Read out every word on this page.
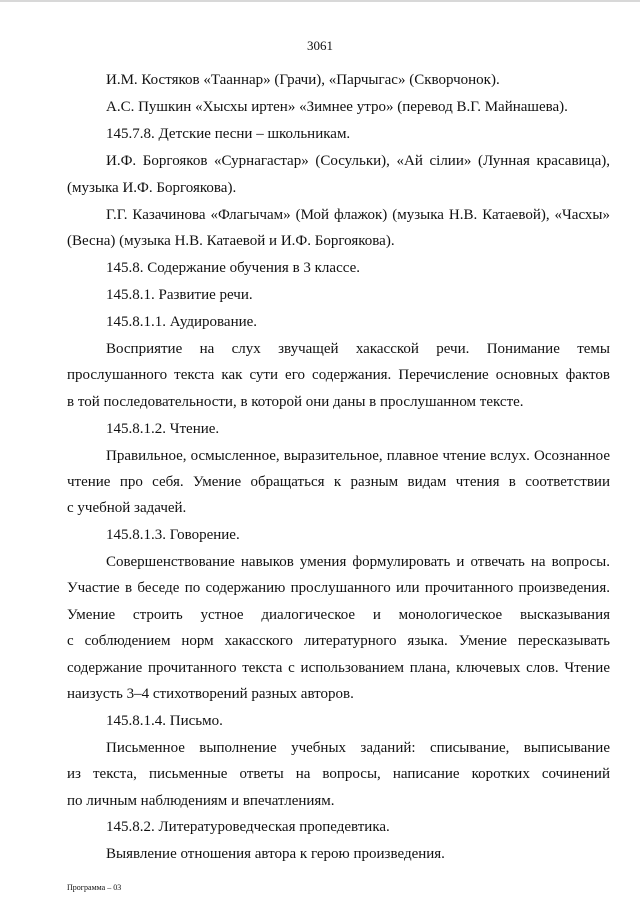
3061
И.М. Костяков «Тааннар» (Грачи), «Парчыгас» (Скворчонок).
А.С. Пушкин «Хысхы иртен» «Зимнее утро» (перевод В.Г. Майнашева).
145.7.8. Детские песни – школьникам.
И.Ф. Боргояков «Сурнагастар» (Сосульки), «Ай сiлии» (Лунная красавица),
(музыка И.Ф. Боргоякова).
Г.Г. Казачинова «Флагычам» (Мой флажок) (музыка Н.В. Катаевой), «Часхы»
(Весна) (музыка Н.В. Катаевой и И.Ф. Боргоякова).
145.8. Содержание обучения в 3 классе.
145.8.1. Развитие речи.
145.8.1.1. Аудирование.
Восприятие на слух звучащей хакасской речи. Понимание темы
прослушанного текста как сути его содержания. Перечисление основных фактов
в той последовательности, в которой они даны в прослушанном тексте.
145.8.1.2. Чтение.
Правильное, осмысленное, выразительное, плавное чтение вслух. Осознанное
чтение про себя. Умение обращаться к разным видам чтения в соответствии
с учебной задачей.
145.8.1.3. Говорение.
Совершенствование навыков умения формулировать и отвечать на вопросы.
Участие в беседе по содержанию прослушанного или прочитанного произведения.
Умение строить устное диалогическое и монологическое высказывания
с соблюдением норм хакасского литературного языка. Умение пересказывать
содержание прочитанного текста с использованием плана, ключевых слов. Чтение
наизусть 3–4 стихотворений разных авторов.
145.8.1.4. Письмо.
Письменное выполнение учебных заданий: списывание, выписывание
из текста, письменные ответы на вопросы, написание коротких сочинений
по личным наблюдениям и впечатлениям.
145.8.2. Литературоведческая пропедевтика.
Выявление отношения автора к герою произведения.
Программа – 03
